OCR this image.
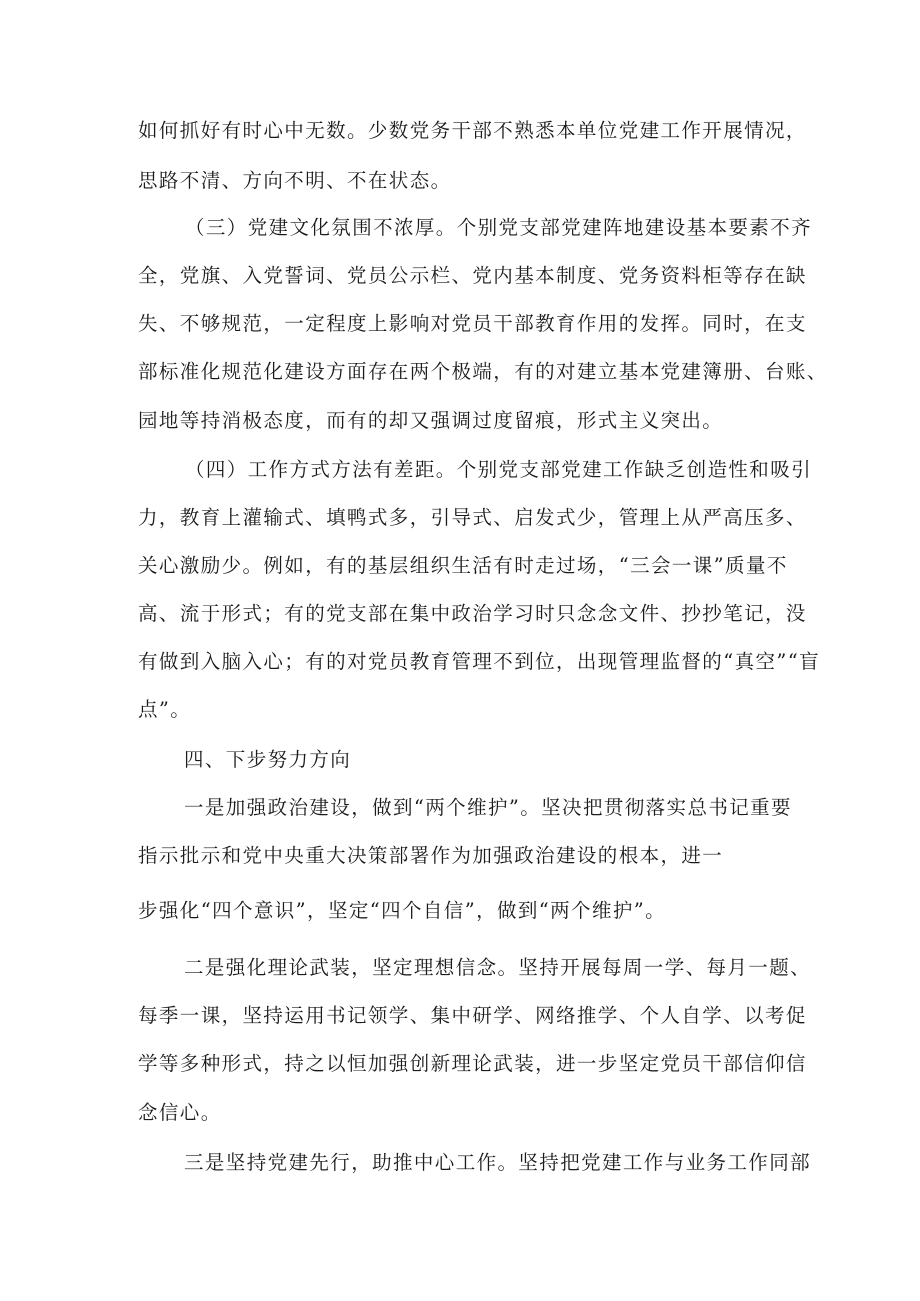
如何抓好有时心中无数。少数党务干部不熟悉本单位党建工作开展情况，

思路不清、方向不明、不在状态。

（三）党建文化氛围不浓厚。个别党支部党建阵地建设基本要素不齐

全，党旗、入党誓词、党员公示栏、党内基本制度、党务资料柜等存在缺

失、不够规范，一定程度上影响对党员干部教育作用的发挥。同时，在支

部标准化规范化建设方面存在两个极端，有的对建立基本党建簿册、台账、

园地等持消极态度，而有的却又强调过度留痕，形式主义突出。

（四）工作方式方法有差距。个别党支部党建工作缺乏创造性和吸引

力，教育上灌输式、填鸭式多，引导式、启发式少，管理上从严高压多、

关心激励少。例如，有的基层组织生活有时走过场，“三会一课”质量不

高、流于形式；有的党支部在集中政治学习时只念念文件、抄抄笔记，没

有做到入脑入心；有的对党员教育管理不到位，出现管理监督的“真空”“盲

点”。

四、下步努力方向

一是加强政治建设，做到“两个维护”。坚决把贯彻落实总书记重要

指示批示和党中央重大决策部署作为加强政治建设的根本，进一

步强化“四个意识”，坚定“四个自信”，做到“两个维护”。

二是强化理论武装，坚定理想信念。坚持开展每周一学、每月一题、

每季一课，坚持运用书记领学、集中研学、网络推学、个人自学、以考促

学等多种形式，持之以恒加强创新理论武装，进一步坚定党员干部信仰信

念信心。

三是坚持党建先行，助推中心工作。坚持把党建工作与业务工作同部
